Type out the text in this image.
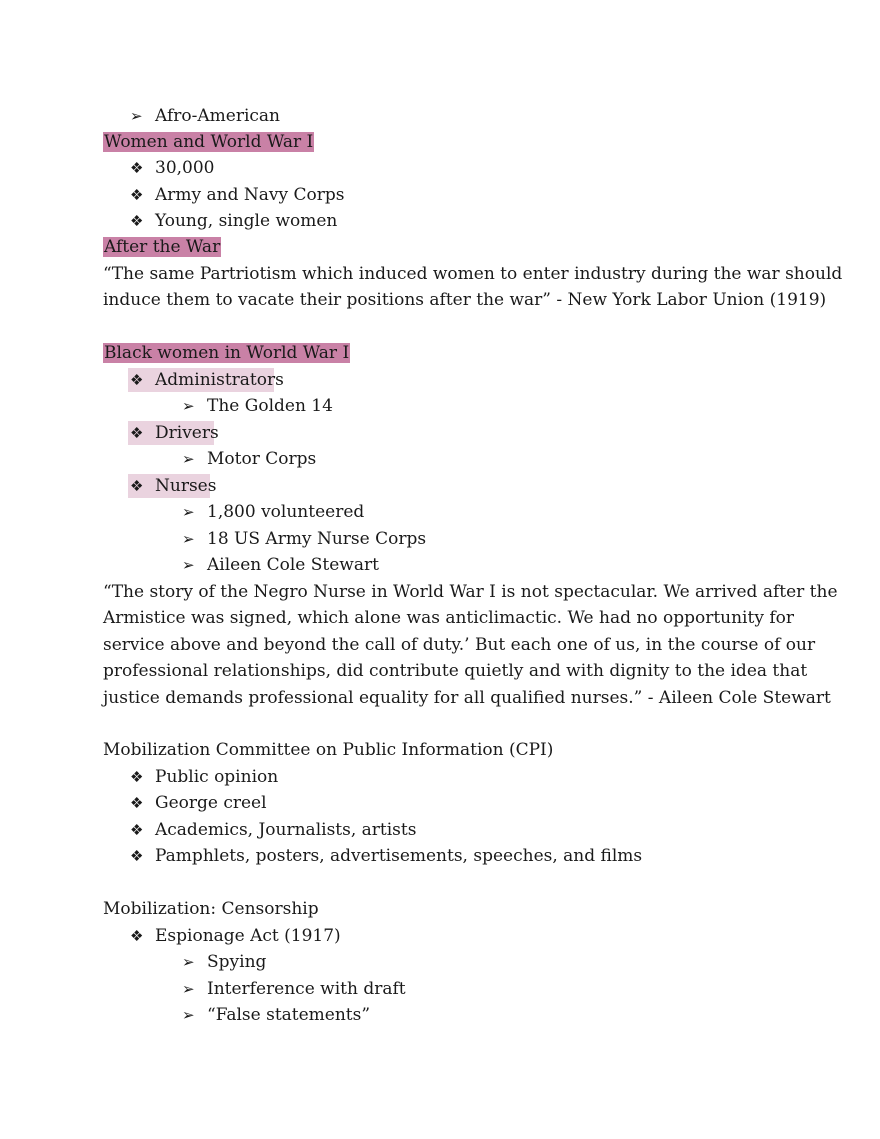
➢ Afro-American
Women and World War I
❖ 30,000
❖ Army and Navy Corps
❖ Young, single women
After the War
“The same Partriotism which induced women to enter industry during the war should
induce them to vacate their positions after the war” - New York Labor Union (1919)
Black women in World War I
❖ Administrators
➢ The Golden 14
❖ Drivers
➢ Motor Corps
❖ Nurses
➢ 1,800 volunteered
➢ 18 US Army Nurse Corps
➢ Aileen Cole Stewart
“The story of the Negro Nurse in World War I is not spectacular. We arrived after the
Armistice was signed, which alone was anticlimactic. We had no opportunity for
service above and beyond the call of duty.’ But each one of us, in the course of our
professional relationships, did contribute quietly and with dignity to the idea that
justice demands professional equality for all qualified nurses.” - Aileen Cole Stewart
Mobilization Committee on Public Information (CPI)
❖ Public opinion
❖ George creel
❖ Academics, Journalists, artists
❖ Pamphlets, posters, advertisements, speeches, and films
Mobilization: Censorship
❖ Espionage Act (1917)
➢ Spying
➢ Interference with draft
➢ “False statements”
